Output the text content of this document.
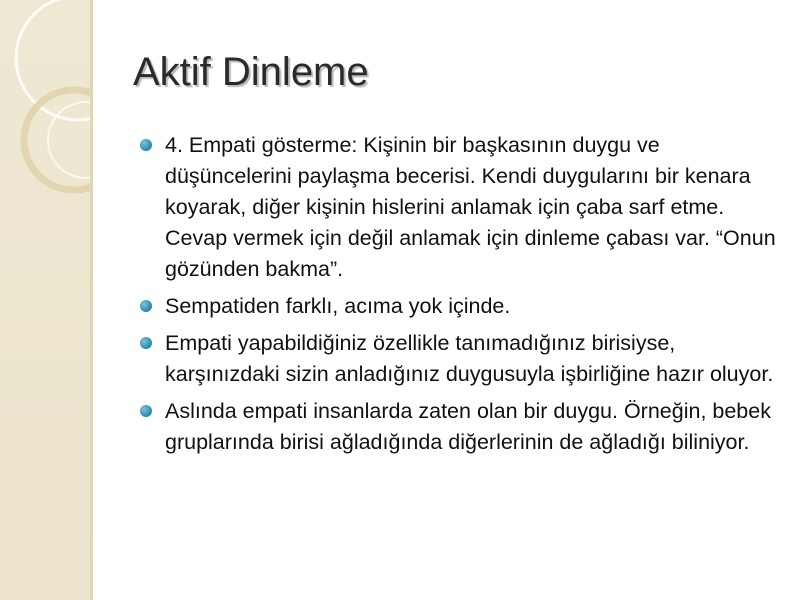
Aktif Dinleme
4. Empati gösterme: Kişinin bir başkasının duygu ve düşüncelerini paylaşma becerisi. Kendi duygularını bir kenara koyarak, diğer kişinin hislerini anlamak için çaba sarf etme. Cevap vermek için değil anlamak için dinleme çabası var. “Onun gözünden bakma”.
Sempatiden farklı, acıma yok içinde.
Empati yapabildiğiniz özellikle tanımadığınız birisiyse, karşınızdaki sizin anladığınız duygusuyla işbirliğine hazır oluyor.
Aslında empati insanlarda zaten olan bir duygu. Örneğin, bebek gruplarında birisi ağladığında diğerlerinin de ağladığı biliniyor.
